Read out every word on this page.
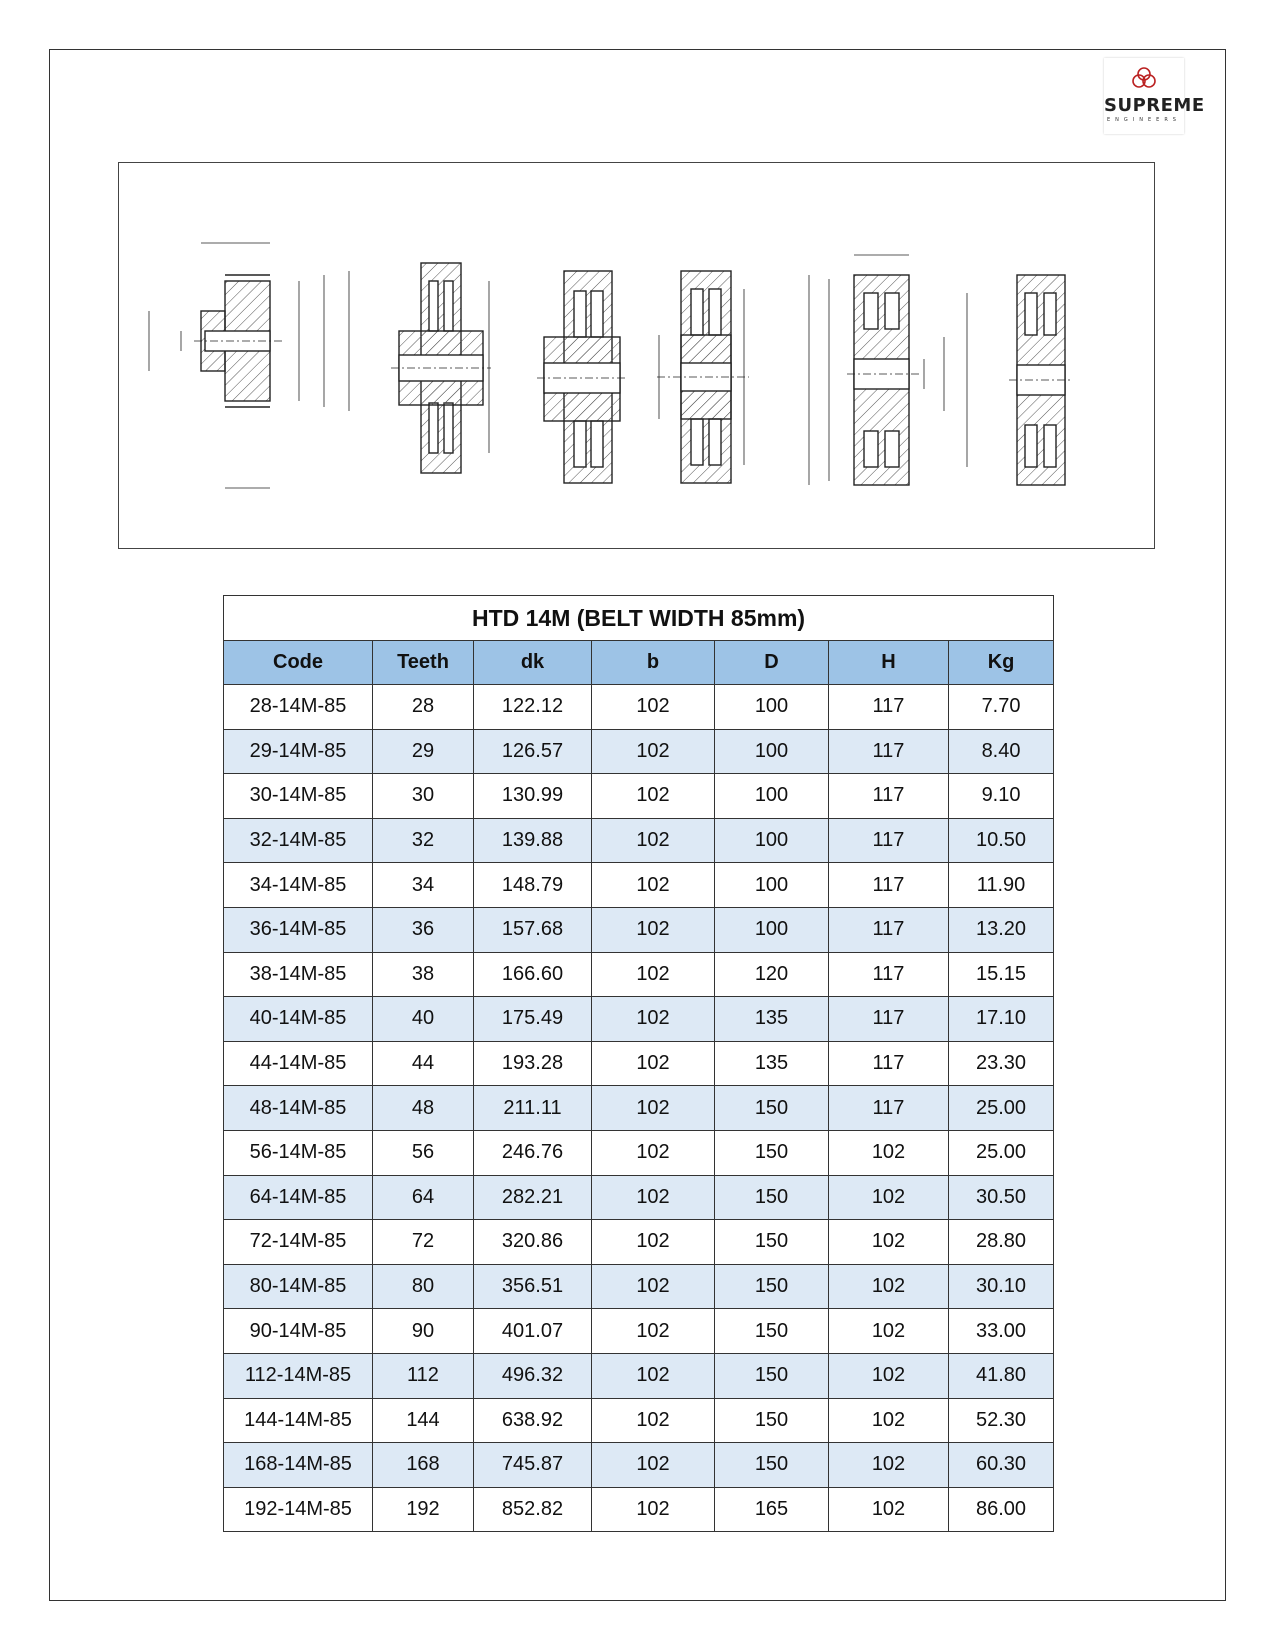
SUPREME
ENGINEERS
HTD 14M (BELT WIDTH 85mm)						
Code	Teeth	dk	b	D	H	Kg
28-14M-85	28	122.12	102	100	117	7.70
29-14M-85	29	126.57	102	100	117	8.40
30-14M-85	30	130.99	102	100	117	9.10
32-14M-85	32	139.88	102	100	117	10.50
34-14M-85	34	148.79	102	100	117	11.90
36-14M-85	36	157.68	102	100	117	13.20
38-14M-85	38	166.60	102	120	117	15.15
40-14M-85	40	175.49	102	135	117	17.10
44-14M-85	44	193.28	102	135	117	23.30
48-14M-85	48	211.11	102	150	117	25.00
56-14M-85	56	246.76	102	150	102	25.00
64-14M-85	64	282.21	102	150	102	30.50
72-14M-85	72	320.86	102	150	102	28.80
80-14M-85	80	356.51	102	150	102	30.10
90-14M-85	90	401.07	102	150	102	33.00
112-14M-85	112	496.32	102	150	102	41.80
144-14M-85	144	638.92	102	150	102	52.30
168-14M-85	168	745.87	102	150	102	60.30
192-14M-85	192	852.82	102	165	102	86.00
